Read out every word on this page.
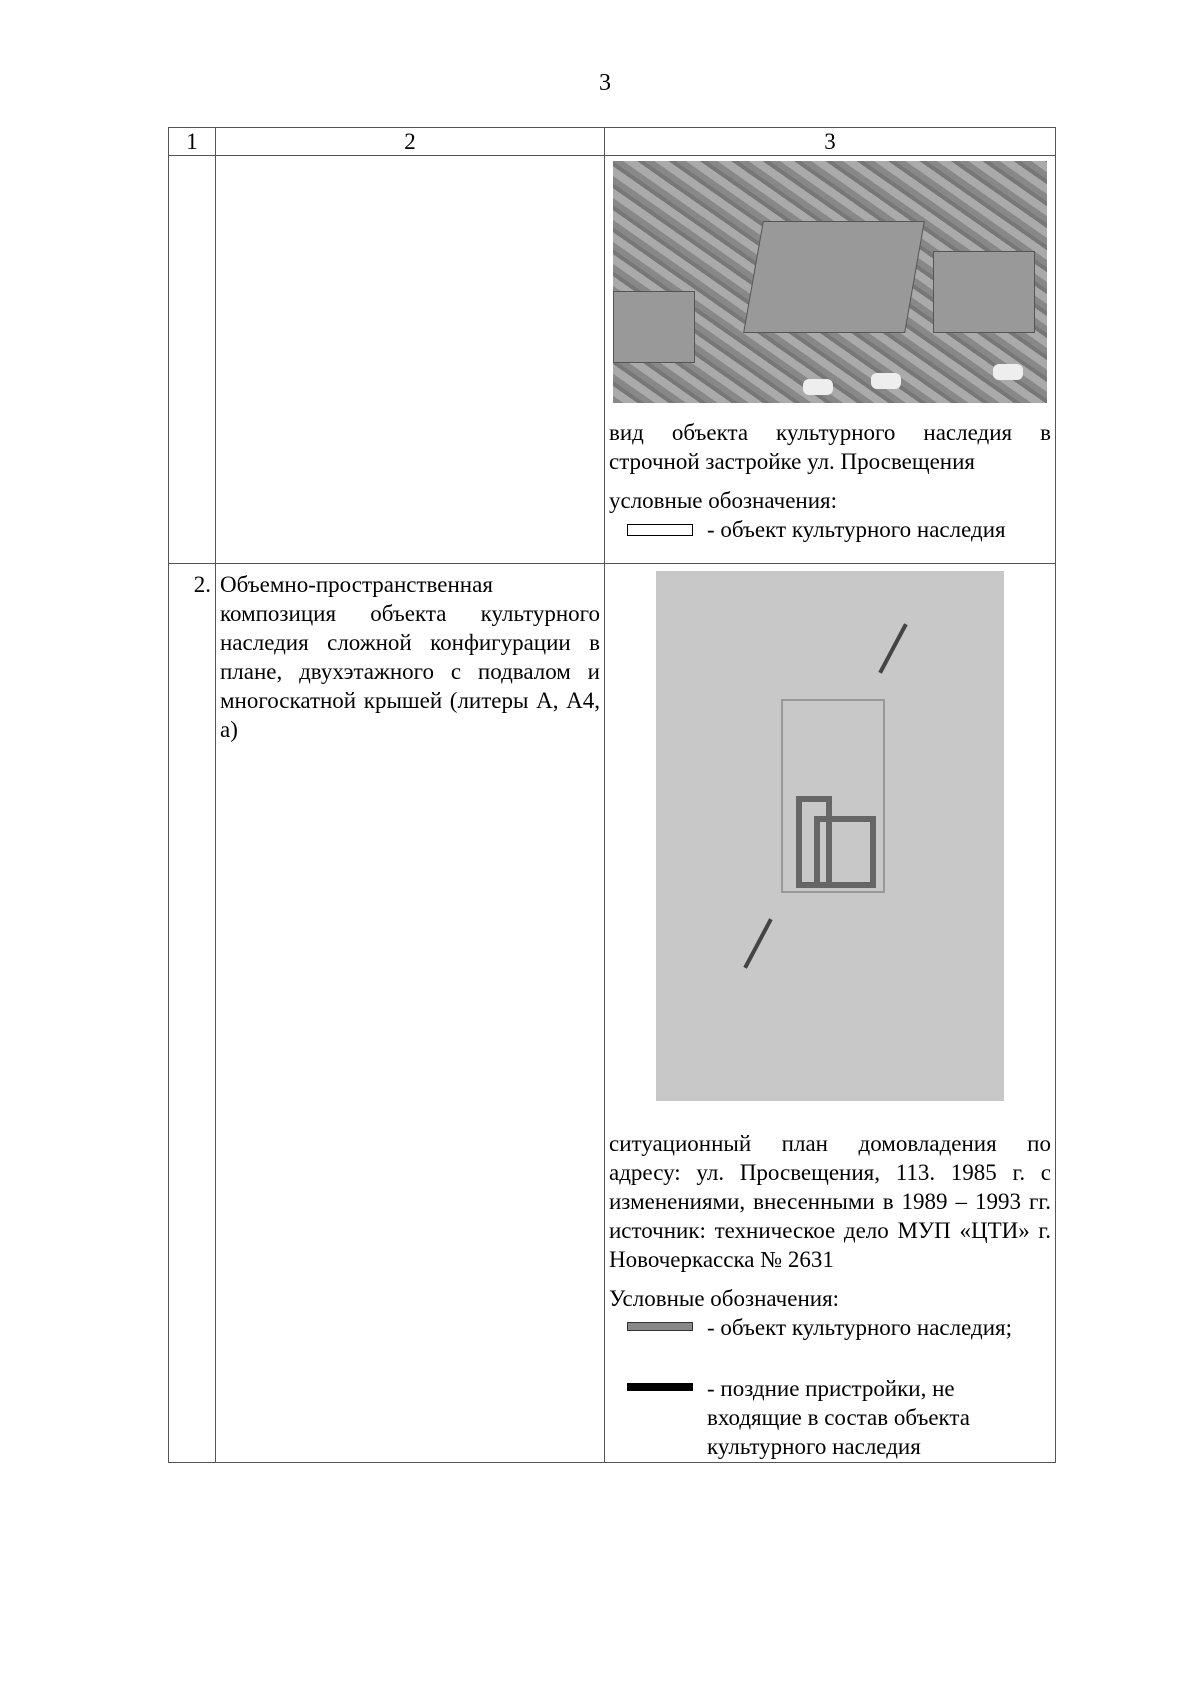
3
1	2	3

		вид объекта культурного наследия в строчной застройке ул. Просвещения
условные обозначения:
- объект культурного наследия

2.	Объемно-пространственная композиция объекта культурного наследия сложной конфигурации в плане, двухэтажного с подвалом и многоскатной крышей (литеры А, А4, а)	ситуационный план домовладения по адресу: ул. Просвещения, 113. 1985 г. с изменениями, внесенными в 1989 – 1993 гг. источник: техническое дело МУП «ЦТИ» г. Новочеркасска № 2631
Условные обозначения:
- объект культурного наследия;
- поздние пристройки, не входящие в состав объекта культурного наследия
